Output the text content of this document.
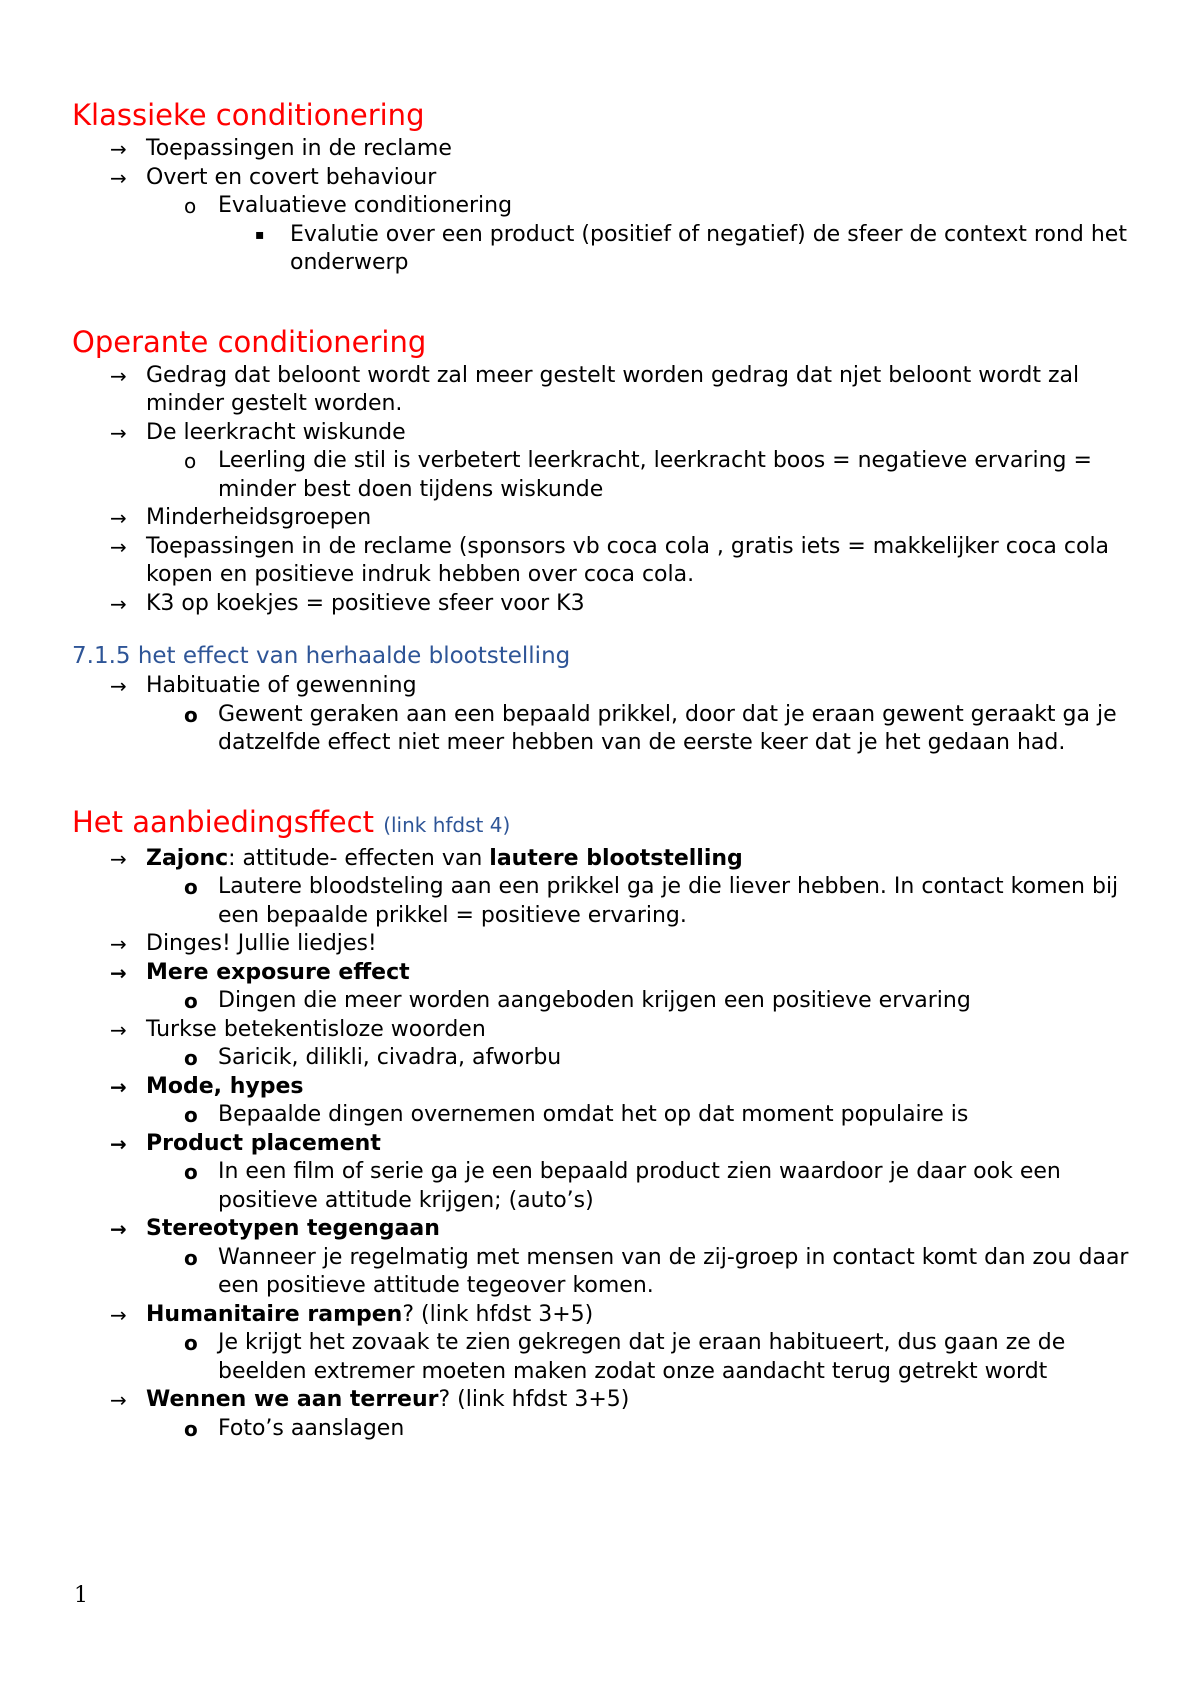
Klassieke conditionering
→ Toepassingen in de reclame
→ Overt en covert behaviour
o Evaluatieve conditionering
▪ Evalutie over een product (positief of negatief) de sfeer de context rond het onderwerp
Operante conditionering
→ Gedrag dat beloont wordt zal meer gestelt worden gedrag dat njet beloont wordt zal minder gestelt worden.
→ De leerkracht wiskunde
o Leerling die stil is verbetert leerkracht, leerkracht boos = negatieve ervaring = minder best doen tijdens wiskunde
→ Minderheidsgroepen
→ Toepassingen in de reclame (sponsors vb coca cola , gratis iets = makkelijker coca cola kopen en positieve indruk hebben over coca cola.
→ K3 op koekjes = positieve sfeer voor K3
7.1.5 het effect van herhaalde blootstelling
→ Habituatie of gewenning
o Gewent geraken aan een bepaald prikkel, door dat je eraan gewent geraakt ga je datzelfde effect niet meer hebben van de eerste keer dat je het gedaan had.
Het aanbiedingsffect (link hfdst 4)
→ Zajonc: attitude- effecten van lautere blootstelling
o Lautere bloodsteling aan een prikkel ga je die liever hebben. In contact komen bij een bepaalde prikkel = positieve ervaring.
→ Dinges! Jullie liedjes!
→ Mere exposure effect
o Dingen die meer worden aangeboden krijgen een positieve ervaring
→ Turkse betekentisloze woorden
o Saricik, dilikli, civadra, afworbu
→ Mode, hypes
o Bepaalde dingen overnemen omdat het op dat moment populaire is
→ Product placement
o In een film of serie ga je een bepaald product zien waardoor je daar ook een positieve attitude krijgen; (auto’s)
→ Stereotypen tegengaan
o Wanneer je regelmatig met mensen van de zij-groep in contact komt dan zou daar een positieve attitude tegeover komen.
→ Humanitaire rampen? (link hfdst 3+5)
o Je krijgt het zovaak te zien gekregen dat je eraan habitueert, dus gaan ze de beelden extremer moeten maken zodat onze aandacht terug getrekt wordt
→ Wennen we aan terreur? (link hfdst 3+5)
o Foto’s aanslagen
1
